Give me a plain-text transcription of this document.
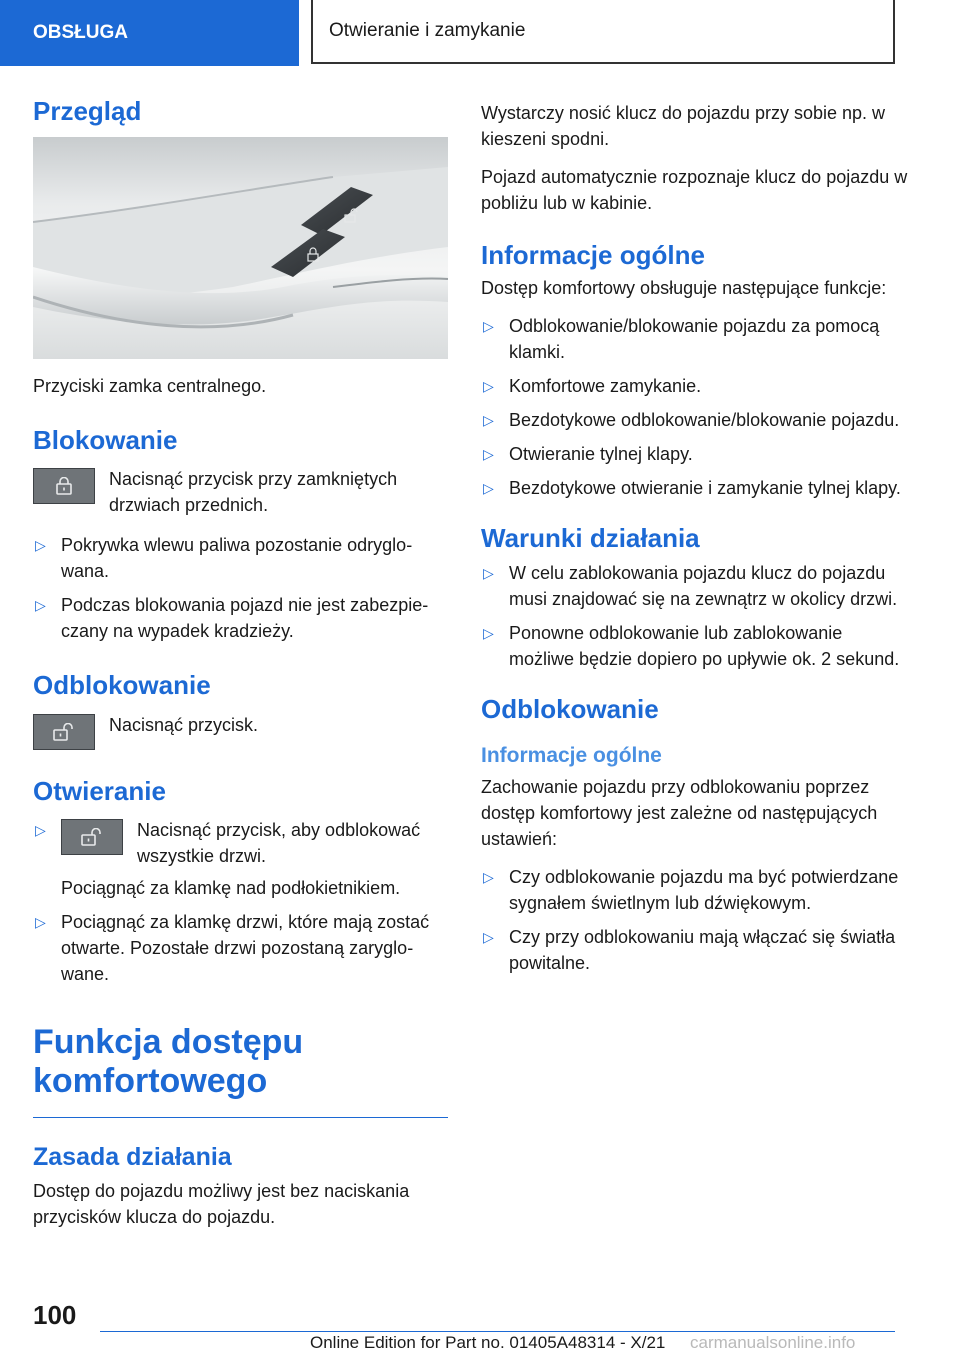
OBSŁUGA	Otwieranie i zamykanie
Przegląd

Przyciski zamka centralnego.

Blokowanie

Nacisnąć przycisk przy zamkniętych drzwiach przednich.

▷ Pokrywka wlewu paliwa pozostanie odryglowana.
▷ Podczas blokowania pojazd nie jest zabezpieczany na wypadek kradzieży.
Odblokowanie

Nacisnąć przycisk.

Otwieranie
▷	Nacisnąć przycisk, aby odblokować wszystkie drzwi.
Pociągnąć za klamkę nad podłokietnikiem.
▷ Pociągnąć za klamkę drzwi, które mają zostać otwarte. Pozostałe drzwi pozostaną zaryglowane.
Funkcja dostępu
komfortowego
Zasada działania

Dostęp do pojazdu możliwy jest bez naciskania przycisków klucza do pojazdu.

Wystarczy nosić klucz do pojazdu przy sobie np. w kieszeni spodni.

Pojazd automatycznie rozpoznaje klucz do pojazdu w pobliżu lub w kabinie.

Informacje ogólne

Dostęp komfortowy obsługuje następujące funkcje:

▷ Odblokowanie/blokowanie pojazdu za pomocą klamki.
▷ Komfortowe zamykanie.
▷ Bezdotykowe odblokowanie/blokowanie pojazdu.
▷ Otwieranie tylnej klapy.
▷ Bezdotykowe otwieranie i zamykanie tylnej klapy.
Warunki działania
▷ W celu zablokowania pojazdu klucz do pojazdu musi znajdować się na zewnątrz w okolicy drzwi.
▷ Ponowne odblokowanie lub zablokowanie możliwe będzie dopiero po upływie ok. 2 sekund.
Odblokowanie
Informacje ogólne

Zachowanie pojazdu przy odblokowaniu poprzez dostęp komfortowy jest zależne od następujących ustawień:

▷ Czy odblokowanie pojazdu ma być potwierdzane sygnałem świetlnym lub dźwiękowym.
▷ Czy przy odblokowaniu mają włączać się światła powitalne.
100
Online Edition for Part no. 01405A48314 - X/21 carmanualsonline.info
